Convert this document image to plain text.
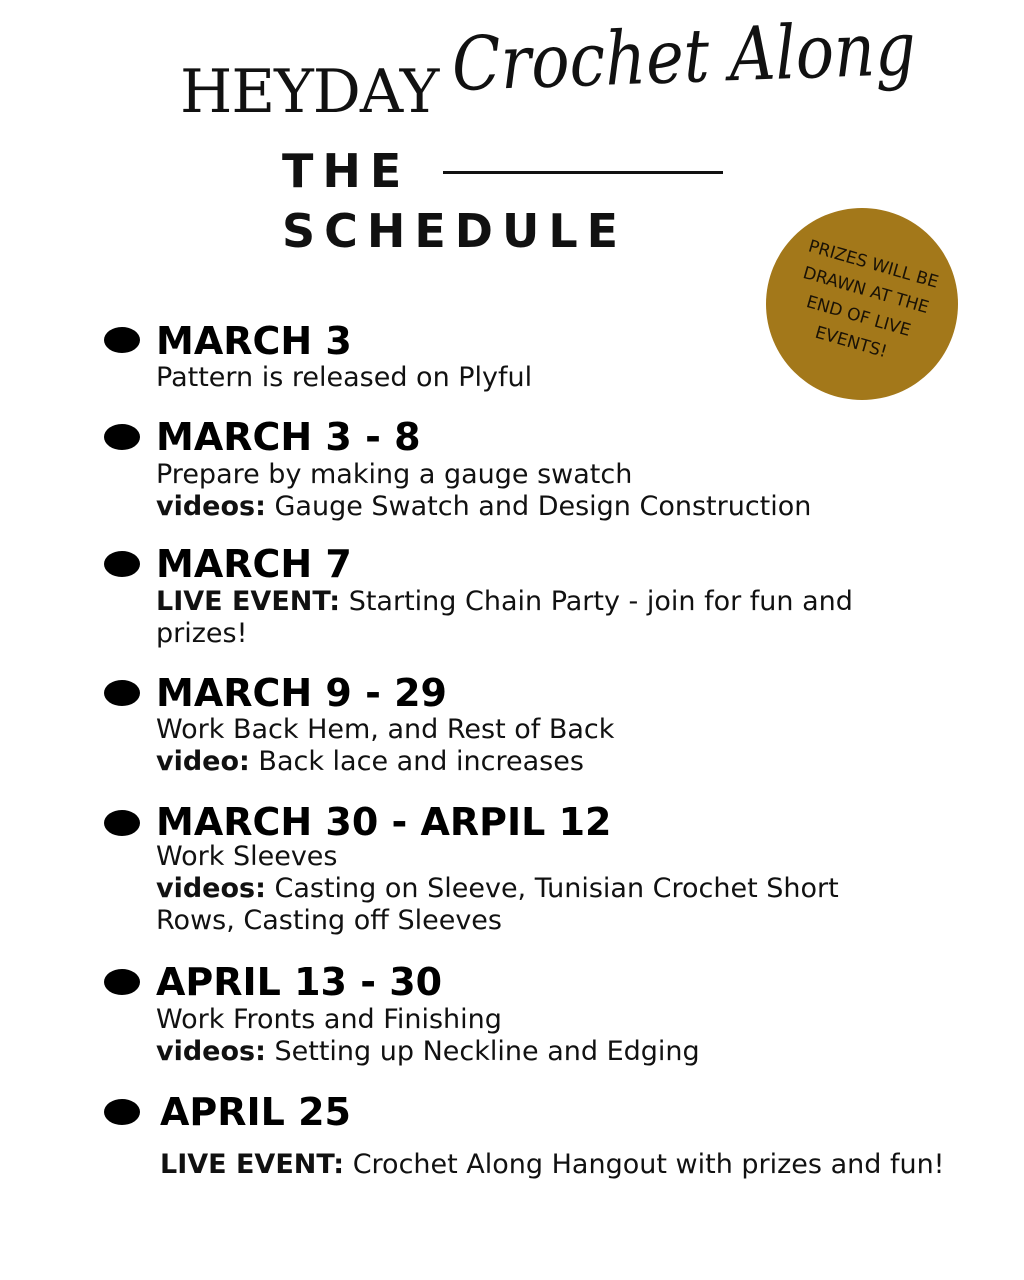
HEYDAY Crochet Along
THE
SCHEDULE
PRIZES WILL BE DRAWN AT THE END OF LIVE EVENTS!
MARCH 3
Pattern is released on Plyful
MARCH 3 - 8
Prepare by making a gauge swatch
videos: Gauge Swatch and Design Construction
MARCH 7
LIVE EVENT: Starting Chain Party - join for fun and prizes!
MARCH 9 - 29
Work Back Hem, and Rest of Back
video: Back lace and increases
MARCH 30 - ARPIL 12
Work Sleeves
videos: Casting on Sleeve, Tunisian Crochet Short Rows, Casting off Sleeves
APRIL 13 - 30
Work Fronts and Finishing
videos: Setting up Neckline and Edging
APRIL 25
LIVE EVENT: Crochet Along Hangout with prizes and fun!
